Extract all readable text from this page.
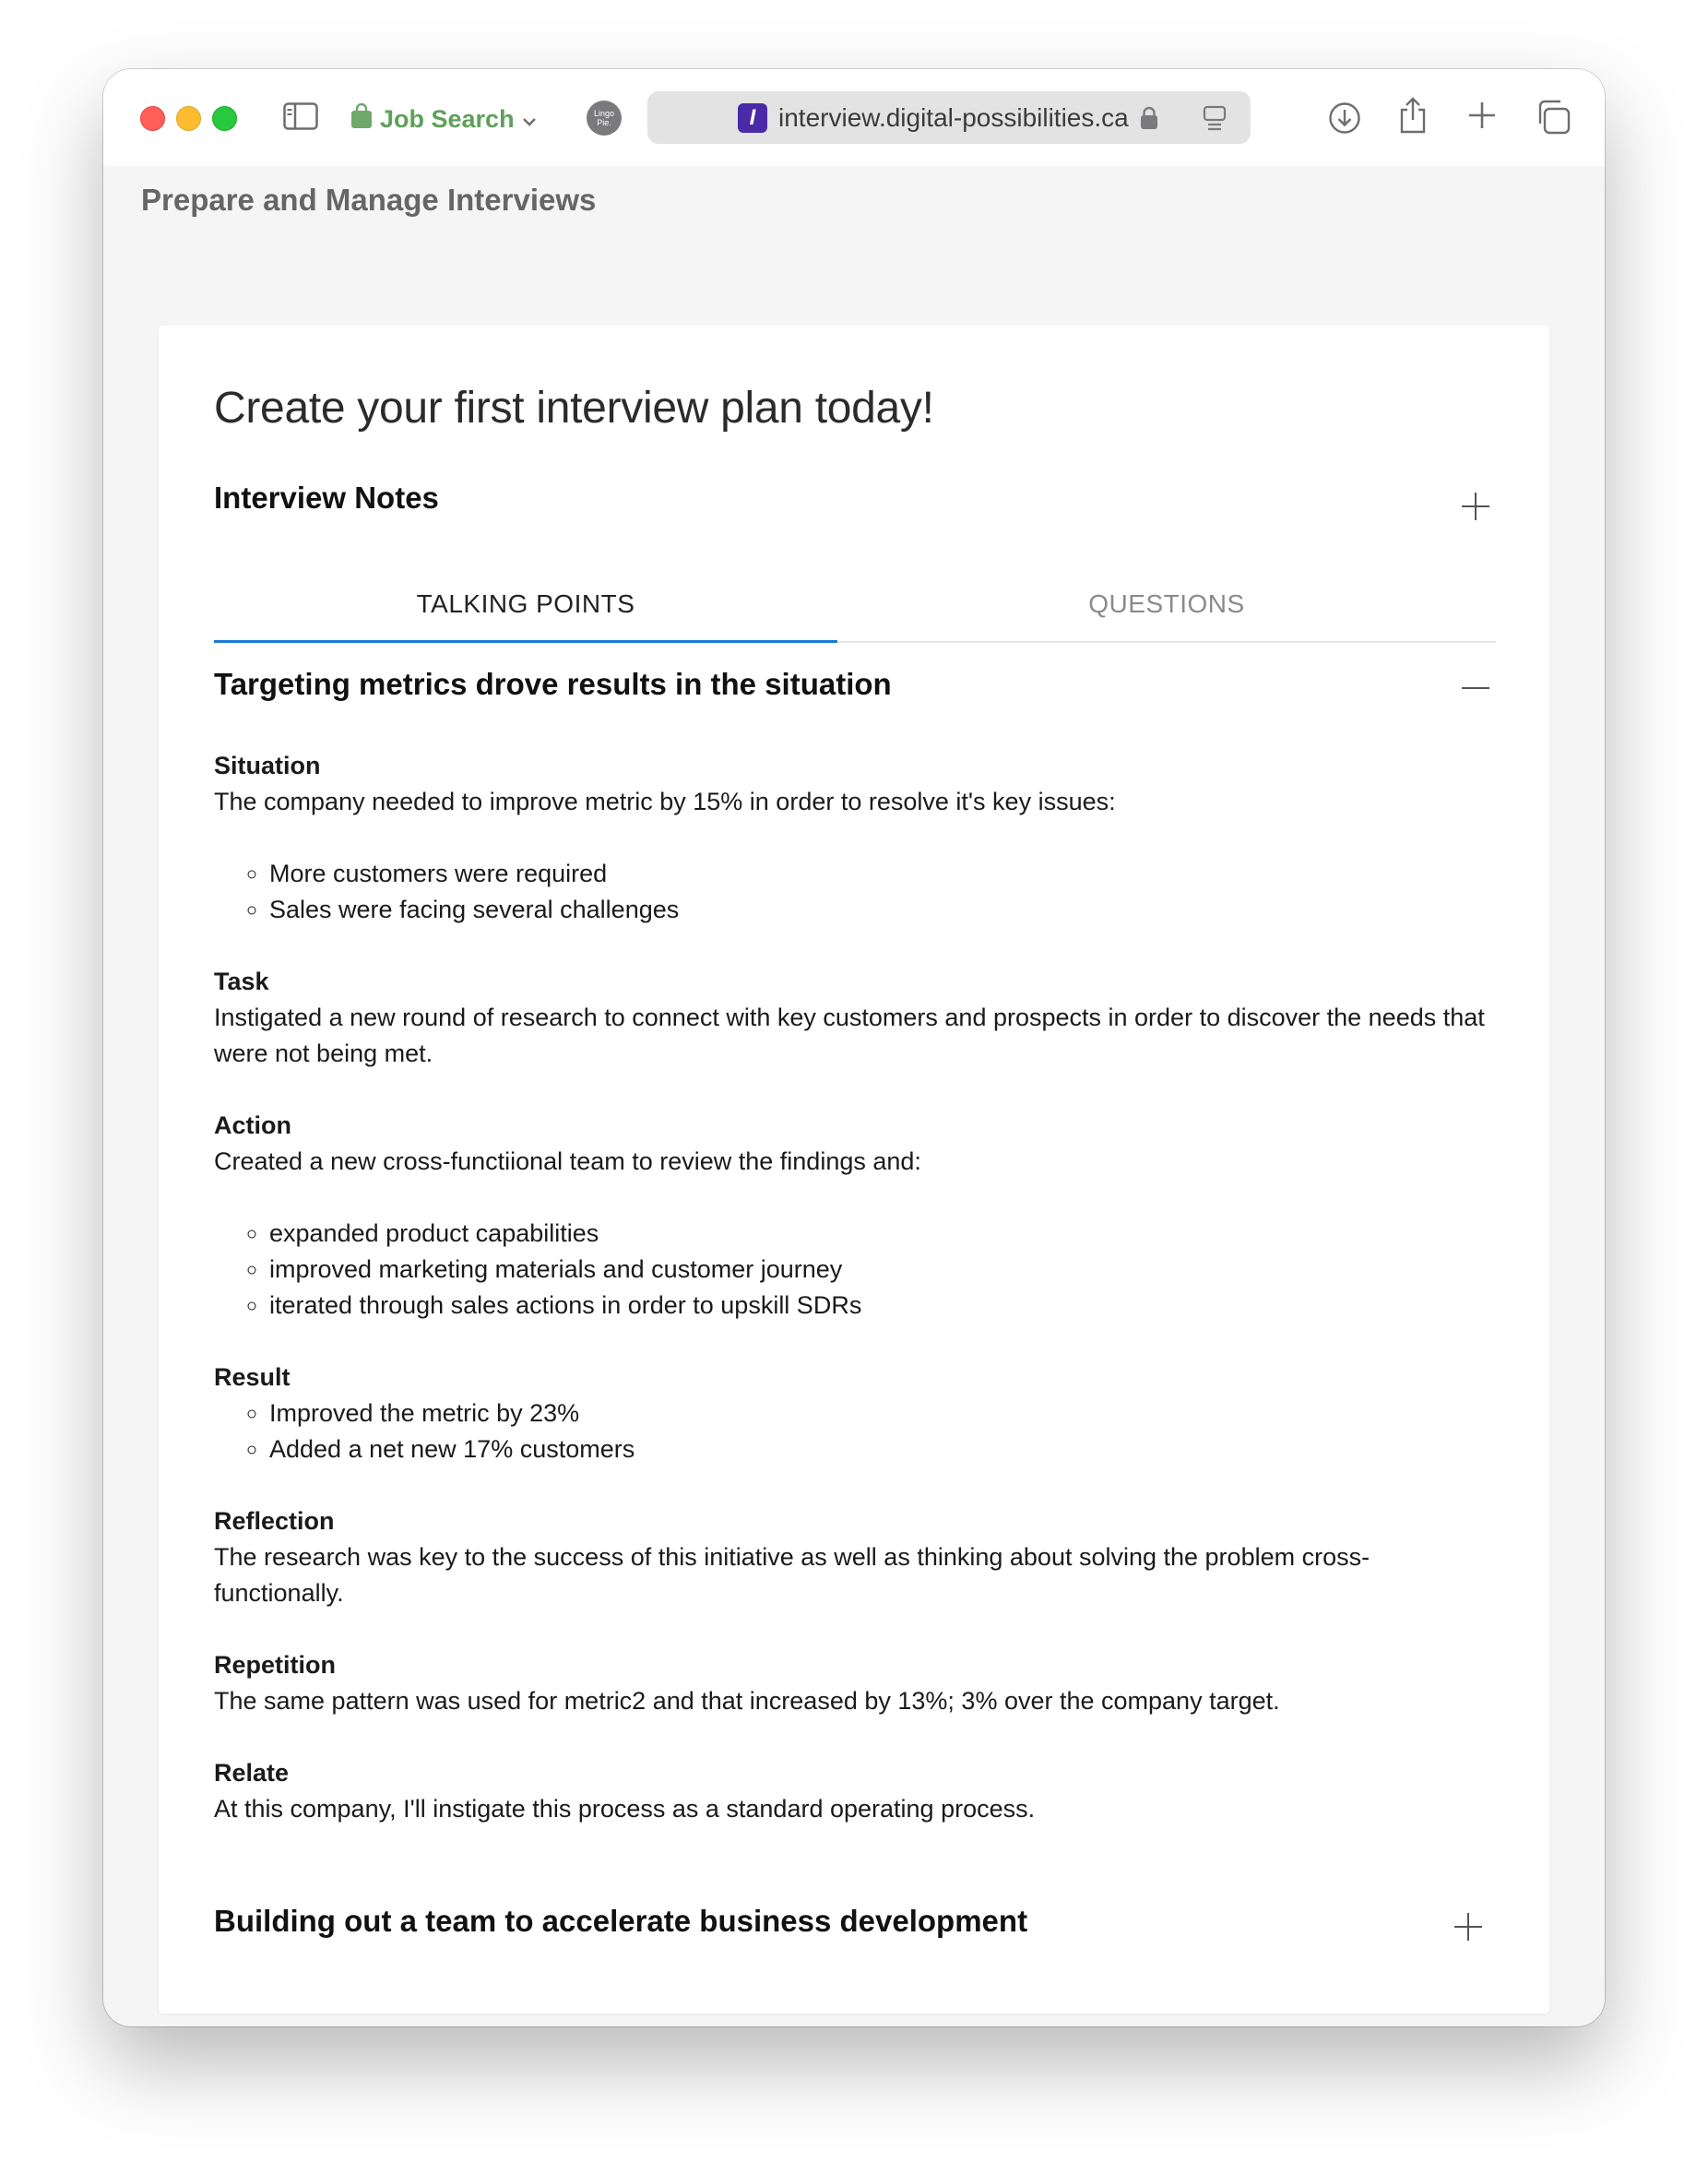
Job Search	Lingo Pie.	I interview.digital-possibilities.ca
Prepare and Manage Interviews
Create your first interview plan today!
Interview Notes
TALKING POINTS	QUESTIONS
Targeting metrics drove results in the situation
Situation

The company needed to improve metric by 15% in order to resolve it's key issues:

◦ More customers were required
◦ Sales were facing several challenges
Task

Instigated a new round of research to connect with key customers and prospects in order to discover the needs that were not being met.

Action

Created a new cross-functiional team to review the findings and:

◦ expanded product capabilities
◦ improved marketing materials and customer journey
◦ iterated through sales actions in order to upskill SDRs
Result
◦ Improved the metric by 23%
◦ Added a net new 17% customers
Reflection

The research was key to the success of this initiative as well as thinking about solving the problem cross-functionally.

Repetition

The same pattern was used for metric2 and that increased by 13%; 3% over the company target.

Relate

At this company, I'll instigate this process as a standard operating process.

Building out a team to accelerate business development
